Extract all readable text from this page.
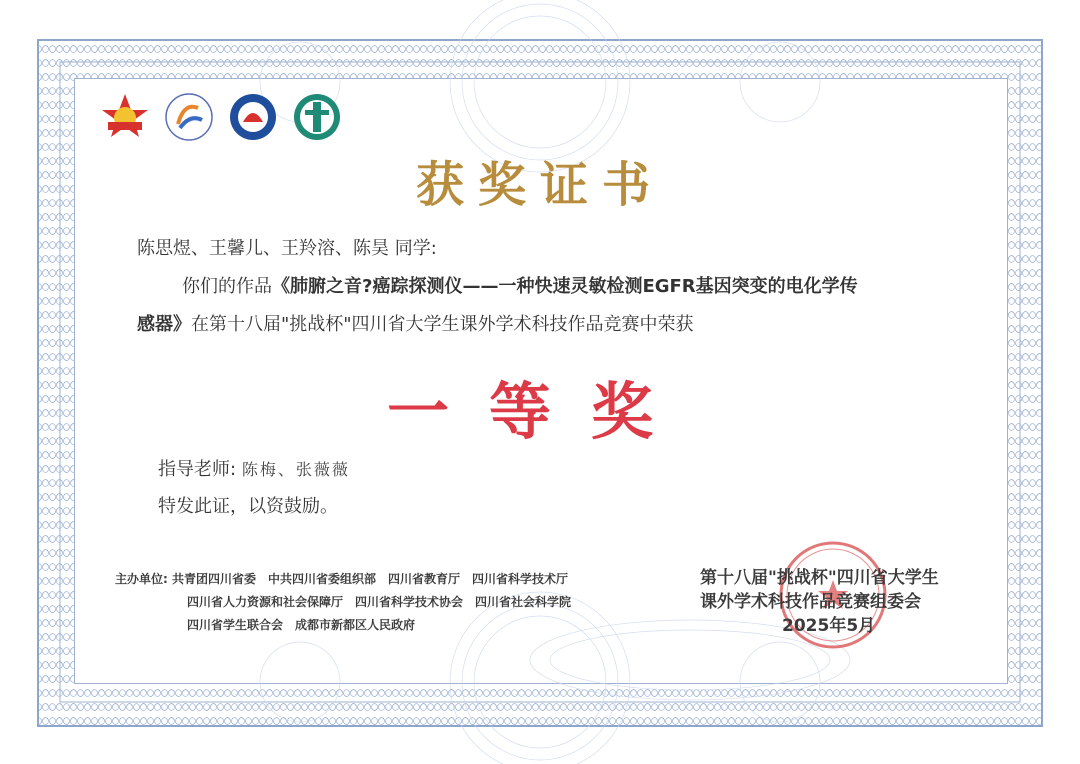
获奖证书
陈思煜、王馨儿、王羚溶、陈昊 同学:
你们的作品《肺腑之音?癌踪探测仪——一种快速灵敏检测EGFR基因突变的电化学传
感器》在第十八届"挑战杯"四川省大学生课外学术科技作品竞赛中荣获
一等奖
指导老师: 陈梅、张薇薇
特发此证，以资鼓励。
主办单位: 共青团四川省委　中共四川省委组织部　四川省教育厅　四川省科学技术厅
四川省人力资源和社会保障厅　四川省科学技术协会　四川省社会科学院
四川省学生联合会　成都市新都区人民政府
第十八届"挑战杯"四川省大学生
课外学术科技作品竞赛组委会
2025年5月
